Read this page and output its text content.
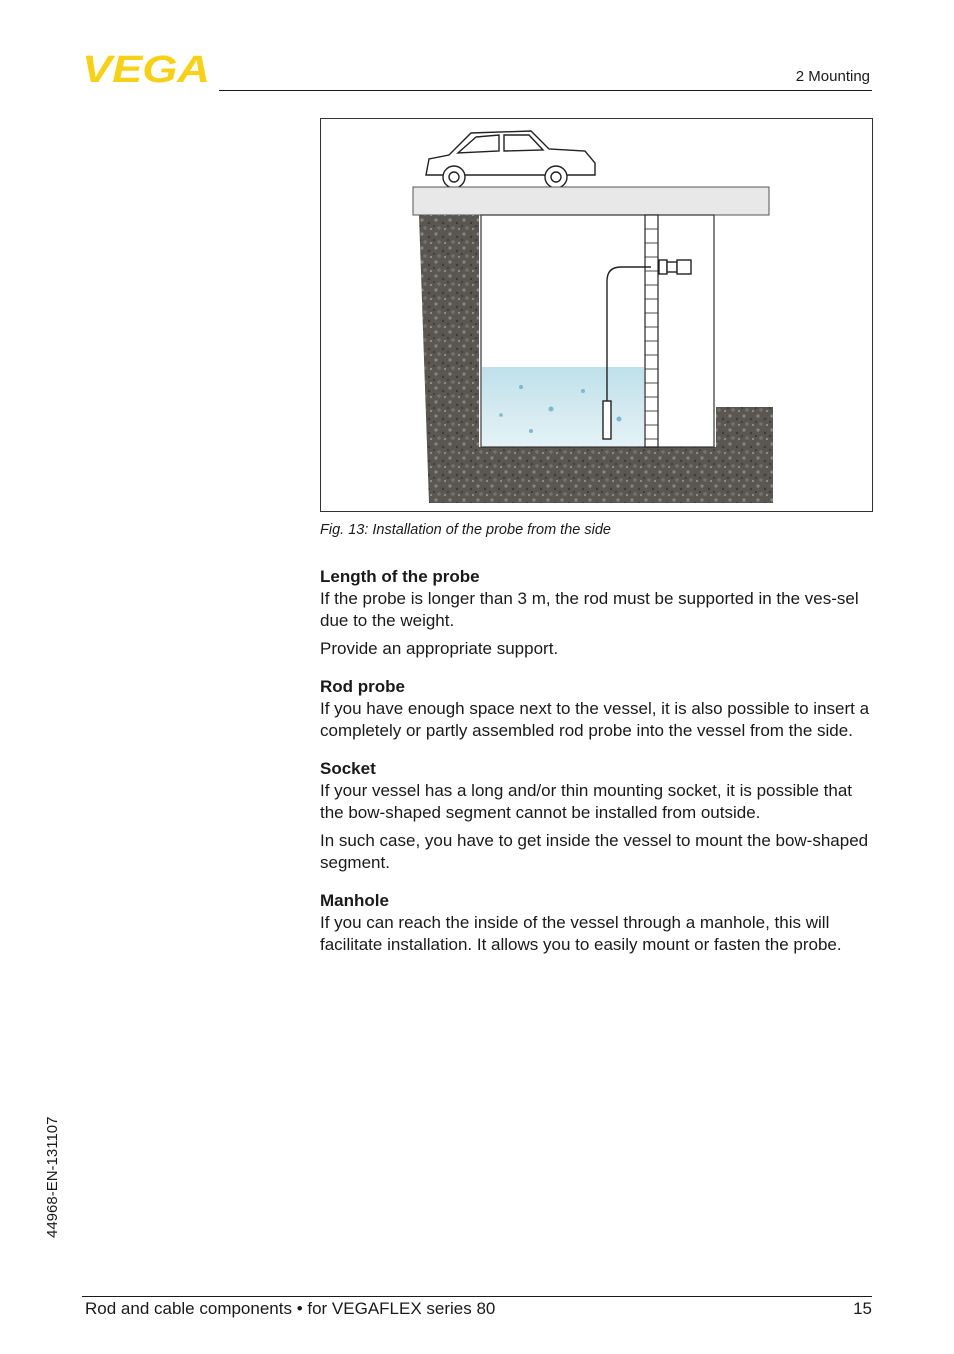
VEGA	2 Mounting
Fig. 13: Installation of the probe from the side
Length of the probe

If the probe is longer than 3 m, the rod must be supported in the ves-sel due to the weight.

Provide an appropriate support.

Rod probe

If you have enough space next to the vessel, it is also possible to insert a completely or partly assembled rod probe into the vessel from the side.

Socket

If your vessel has a long and/or thin mounting socket, it is possible that the bow-shaped segment cannot be installed from outside.

In such case, you have to get inside the vessel to mount the bow-shaped segment.

Manhole

If you can reach the inside of the vessel through a manhole, this will facilitate installation. It allows you to easily mount or fasten the probe.

44968-EN-131107
Rod and cable components • for VEGAFLEX series 80	15
